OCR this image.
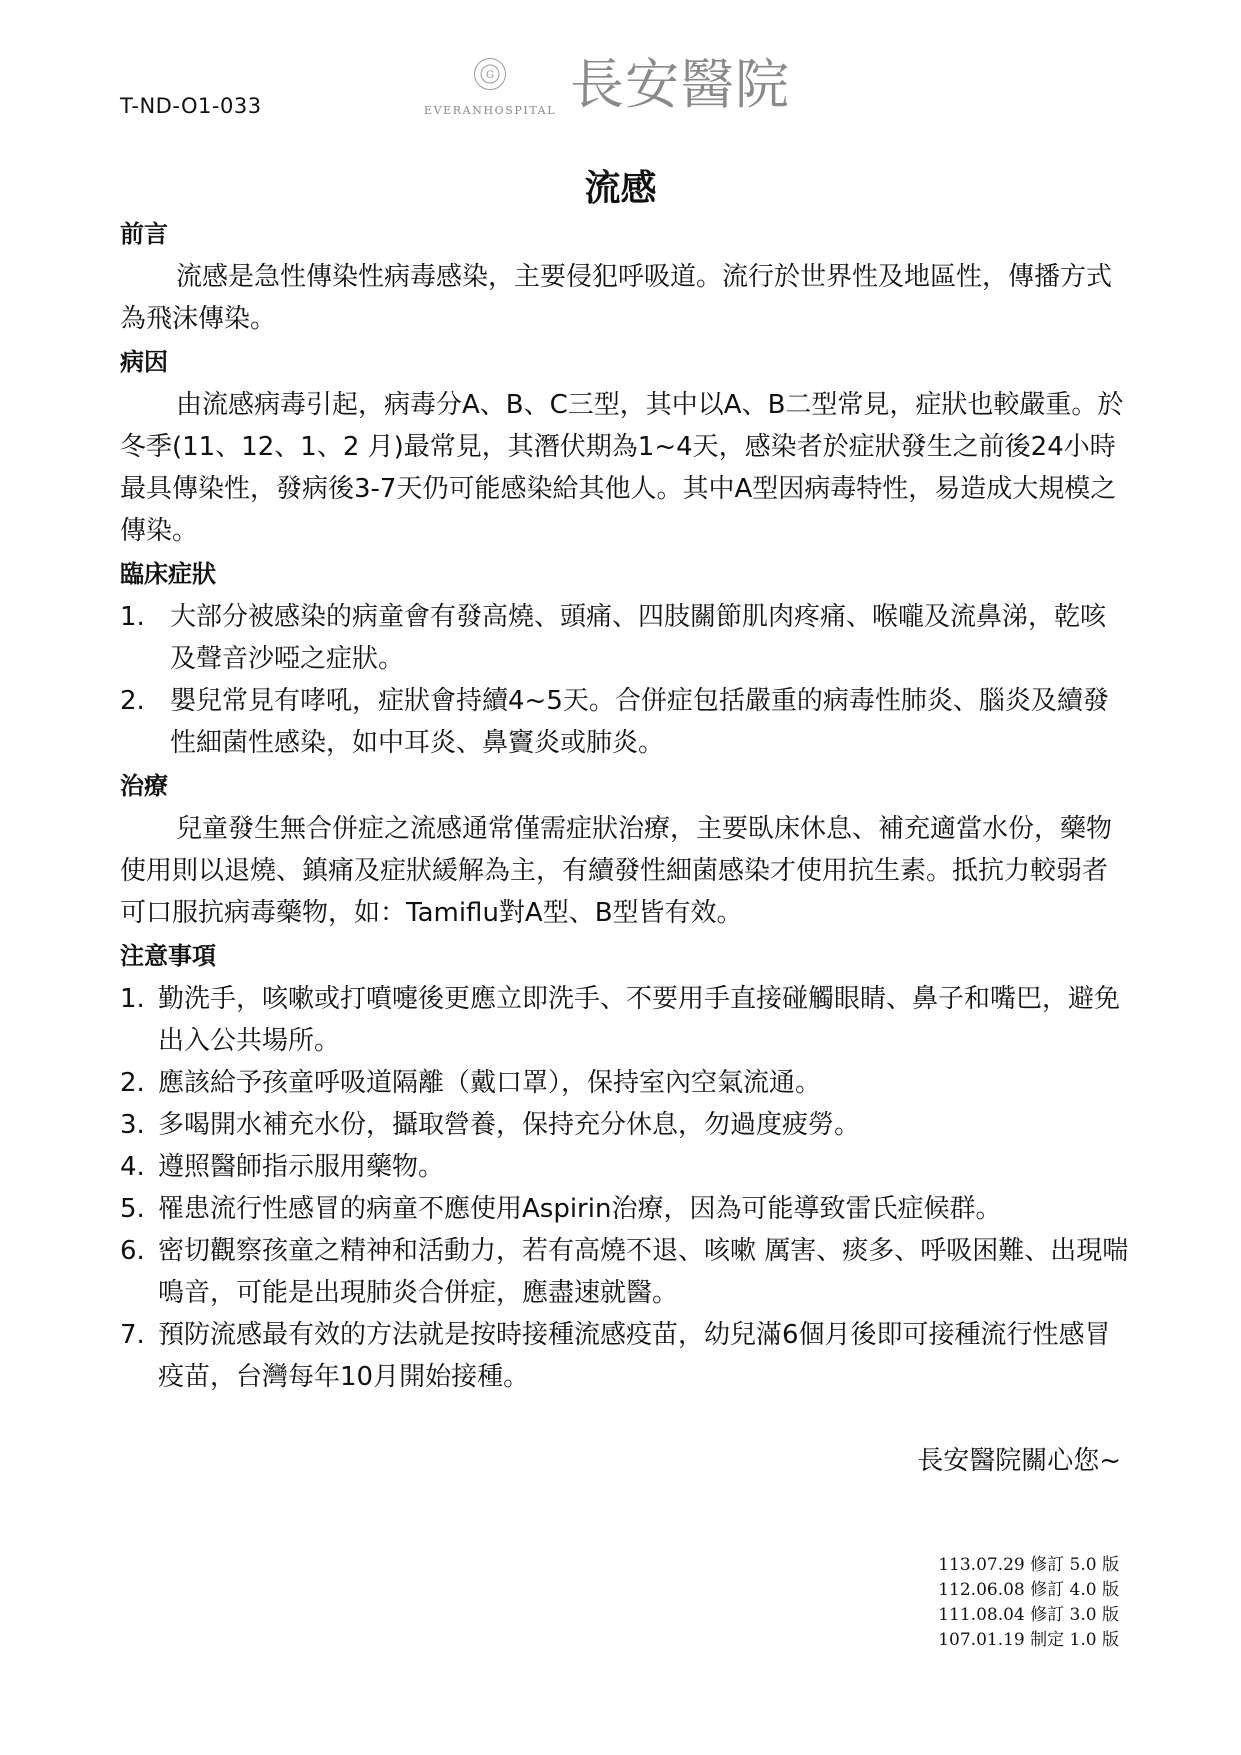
T-ND-O1-033
G
EVERANHOSPITAL 長安醫院
流感
前言

流感是急性傳染性病毒感染，主要侵犯呼吸道。流行於世界性及地區性，傳播方式為飛沫傳染。

病因

由流感病毒引起，病毒分A、B、C三型，其中以A、B二型常見，症狀也較嚴重。於冬季(11、12、1、2 月)最常見，其潛伏期為1~4天，感染者於症狀發生之前後24小時最具傳染性，發病後3-7天仍可能感染給其他人。其中A型因病毒特性，易造成大規模之傳染。

臨床症狀
1. 大部分被感染的病童會有發高燒、頭痛、四肢關節肌肉疼痛、喉嚨及流鼻涕，乾咳及聲音沙啞之症狀。
2. 嬰兒常見有哮吼，症狀會持續4~5天。合併症包括嚴重的病毒性肺炎、腦炎及續發性細菌性感染，如中耳炎、鼻竇炎或肺炎。
治療

兒童發生無合併症之流感通常僅需症狀治療，主要臥床休息、補充適當水份，藥物使用則以退燒、鎮痛及症狀緩解為主，有續發性細菌感染才使用抗生素。抵抗力較弱者可口服抗病毒藥物，如：Tamiflu對A型、B型皆有效。

注意事項
1. 勤洗手，咳嗽或打噴嚏後更應立即洗手、不要用手直接碰觸眼睛、鼻子和嘴巴，避免出入公共場所。
2. 應該給予孩童呼吸道隔離（戴口罩），保持室內空氣流通。
3. 多喝開水補充水份，攝取營養，保持充分休息，勿過度疲勞。
4. 遵照醫師指示服用藥物。
5. 罹患流行性感冒的病童不應使用Aspirin治療，因為可能導致雷氏症候群。
6. 密切觀察孩童之精神和活動力，若有高燒不退、咳嗽 厲害、痰多、呼吸困難、出現喘鳴音，可能是出現肺炎合併症，應盡速就醫。
7. 預防流感最有效的方法就是按時接種流感疫苗，幼兒滿6個月後即可接種流行性感冒疫苗，台灣每年10月開始接種。
長安醫院關心您~
113.07.29 修訂 5.0 版
112.06.08 修訂 4.0 版
111.08.04 修訂 3.0 版
107.01.19 制定 1.0 版
